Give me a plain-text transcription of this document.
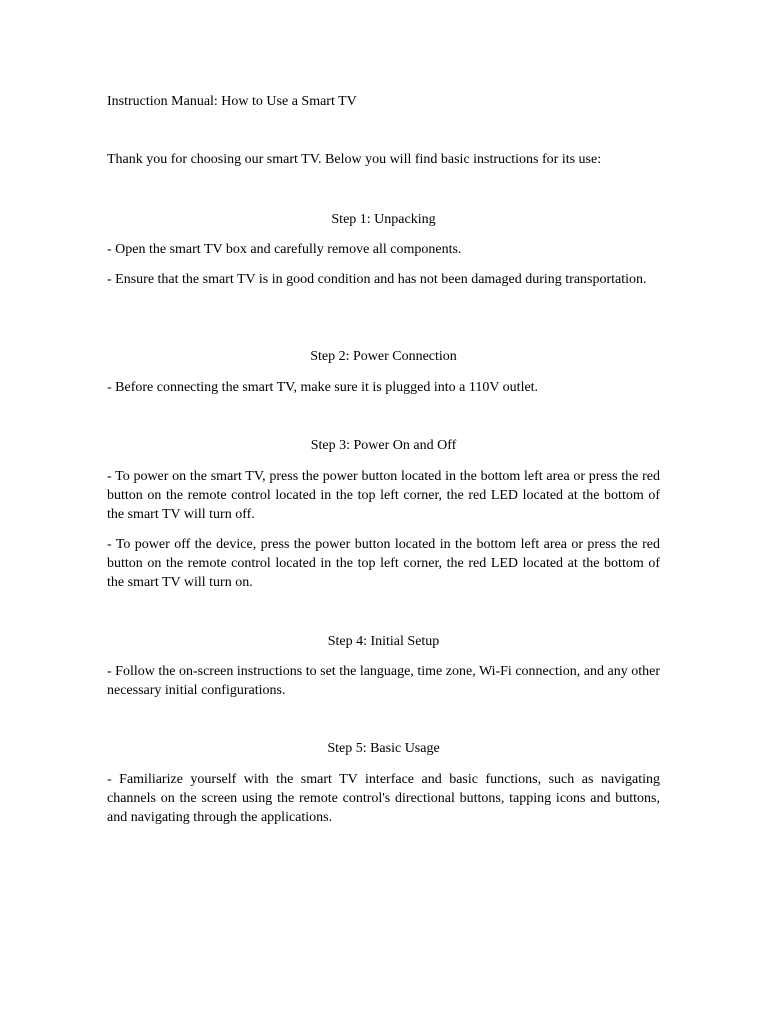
Instruction Manual: How to Use a Smart TV

Thank you for choosing our smart TV. Below you will find basic instructions for its use:

Step 1: Unpacking

- Open the smart TV box and carefully remove all components.

- Ensure that the smart TV is in good condition and has not been damaged during transportation.

Step 2: Power Connection

- Before connecting the smart TV, make sure it is plugged into a 110V outlet.

Step 3: Power On and Off

- To power on the smart TV, press the power button located in the bottom left area or press the red button on the remote control located in the top left corner, the red LED located at the bottom of the smart TV will turn off.

- To power off the device, press the power button located in the bottom left area or press the red button on the remote control located in the top left corner, the red LED located at the bottom of the smart TV will turn on.

Step 4: Initial Setup

- Follow the on-screen instructions to set the language, time zone, Wi-Fi connection, and any other necessary initial configurations.

Step 5: Basic Usage

- Familiarize yourself with the smart TV interface and basic functions, such as navigating channels on the screen using the remote control's directional buttons, tapping icons and buttons, and navigating through the applications.
